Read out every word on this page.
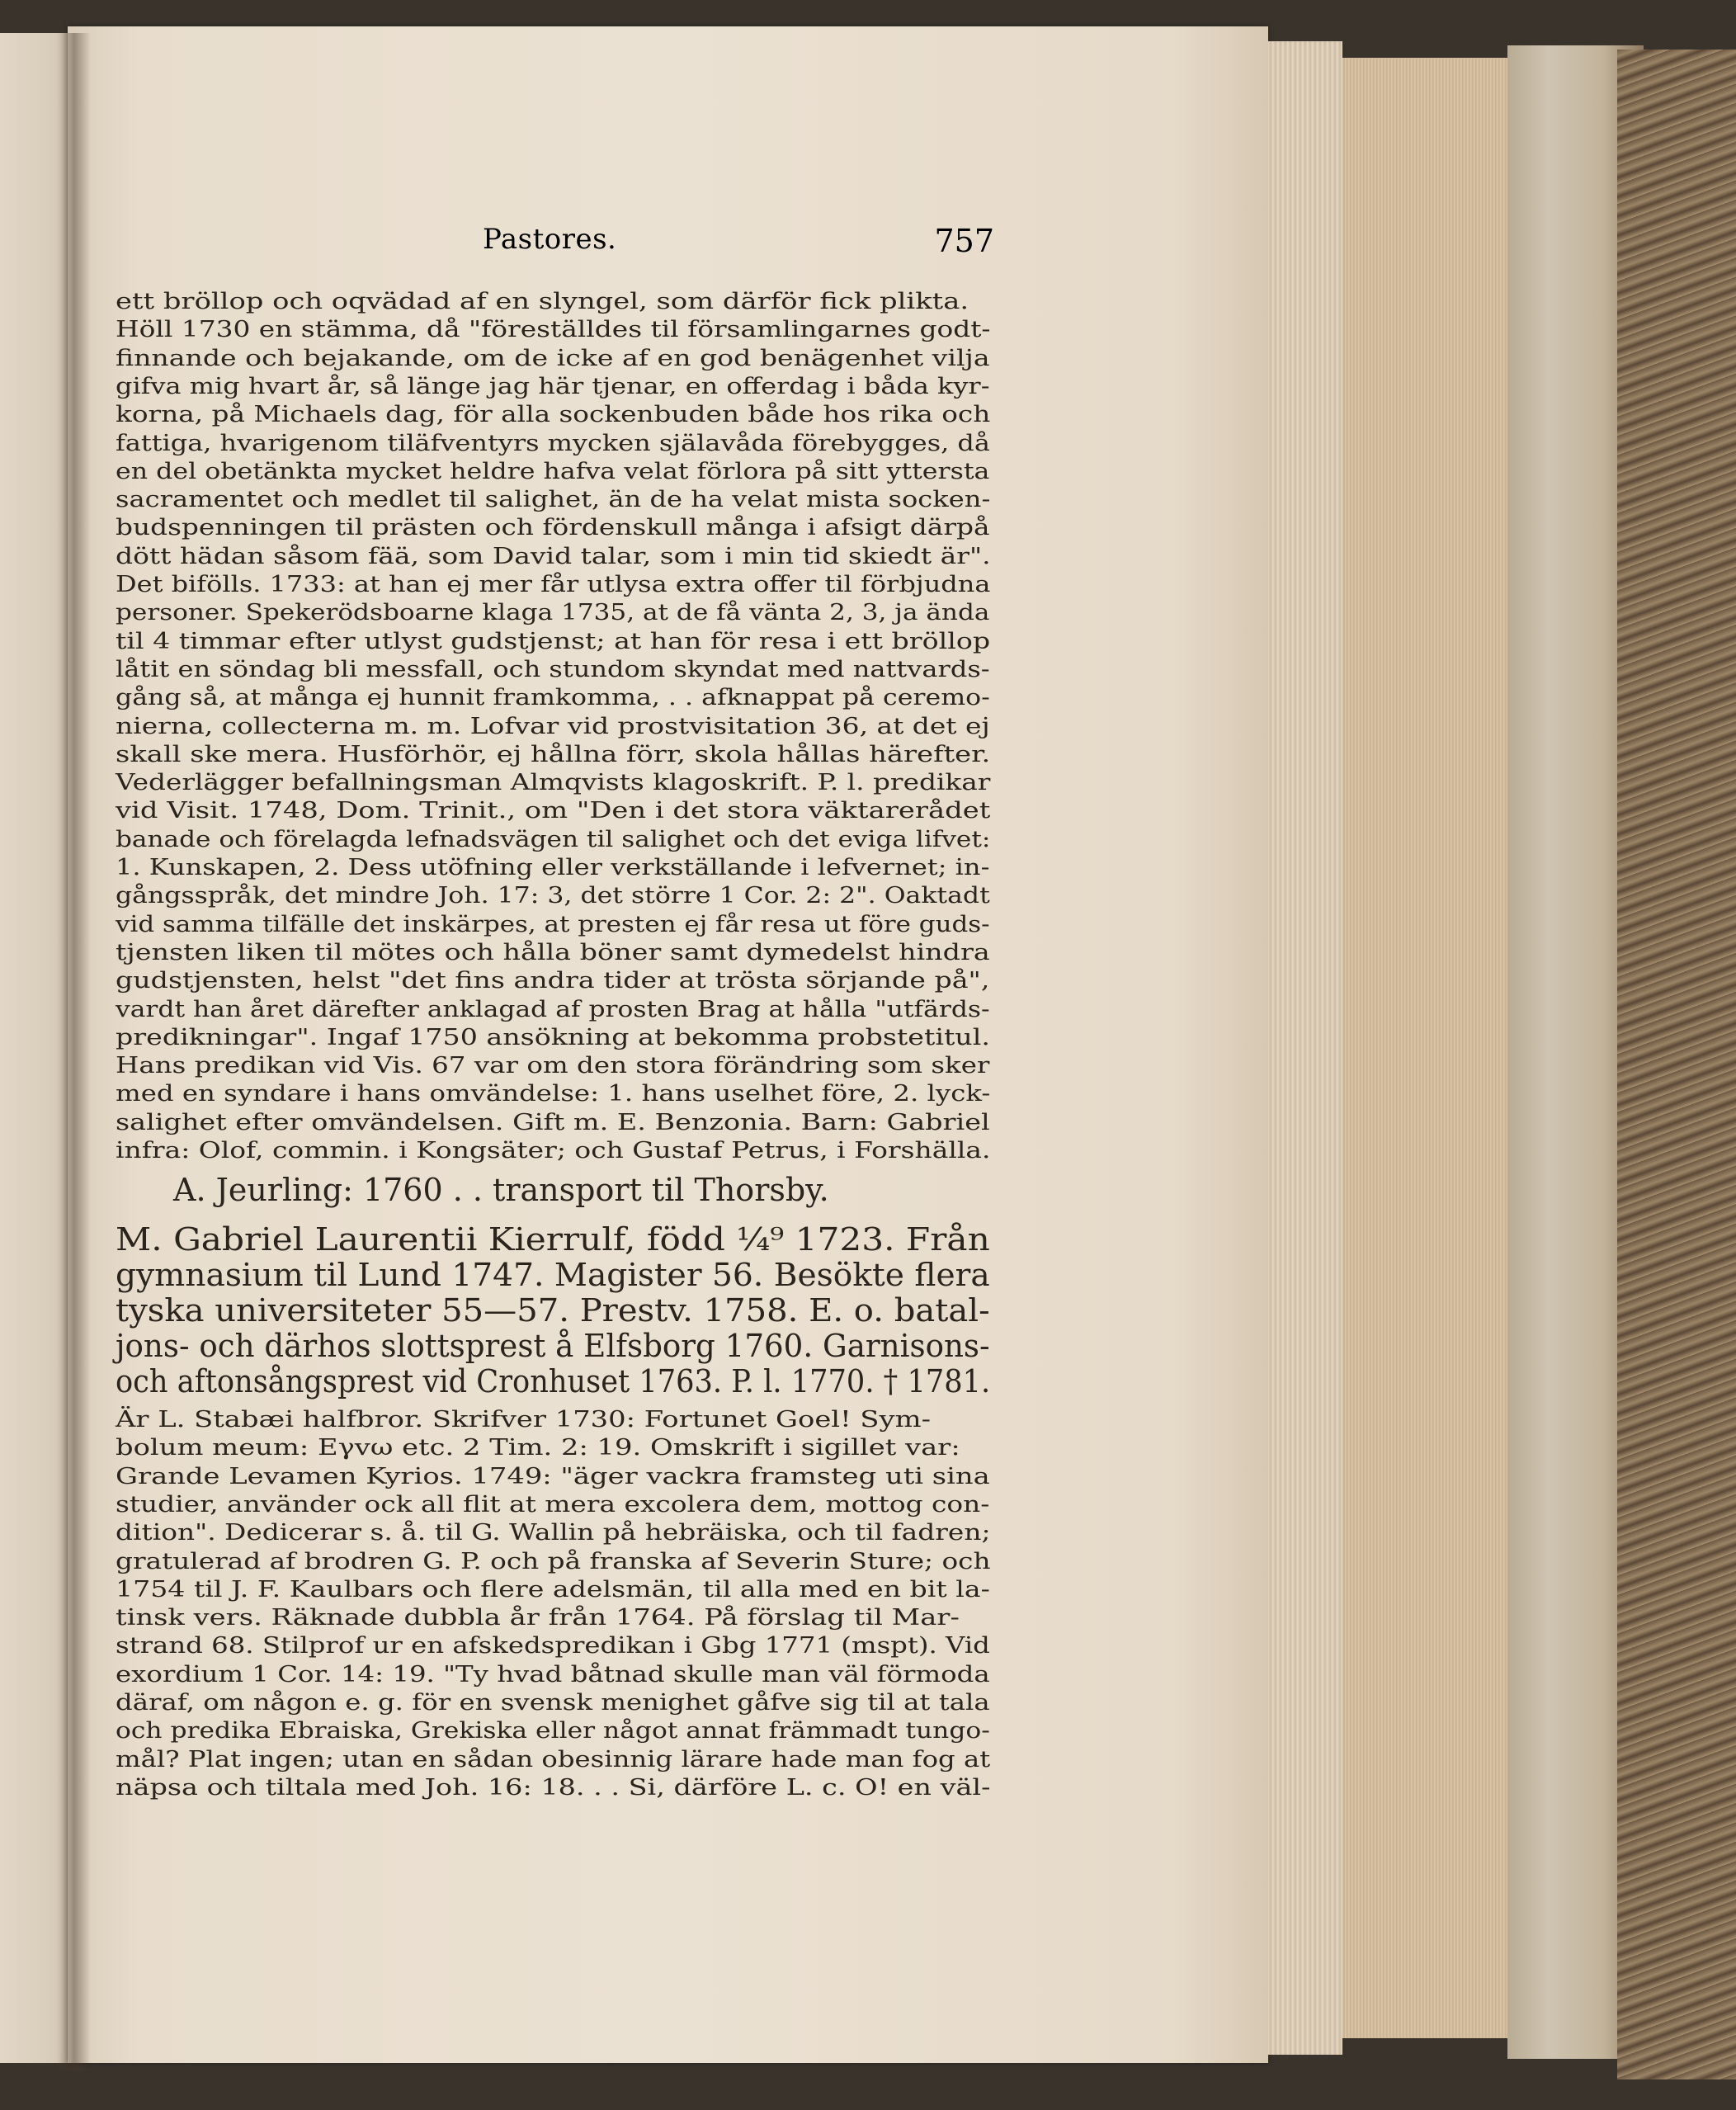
Pastores.	757
ett bröllop och oqvädad af en slyngel, som därför fick plikta.
Höll 1730 en stämma, då "föreställdes til församlingarnes godt-
finnande och bejakande, om de icke af en god benägenhet vilja
gifva mig hvart år, så länge jag här tjenar, en offerdag i båda kyr-
korna, på Michaels dag, för alla sockenbuden både hos rika och
fattiga, hvarigenom tiläfventyrs mycken själavåda förebygges, då
en del obetänkta mycket heldre hafva velat förlora på sitt yttersta
sacramentet och medlet til salighet, än de ha velat mista socken-
budspenningen til prästen och fördenskull många i afsigt därpå
dött hädan såsom fää, som David talar, som i min tid skiedt är".
Det bifölls. 1733: at han ej mer får utlysa extra offer til förbjudna
personer. Spekerödsboarne klaga 1735, at de få vänta 2, 3, ja ända
til 4 timmar efter utlyst gudstjenst; at han för resa i ett bröllop
låtit en söndag bli messfall, och stundom skyndat med nattvards-
gång så, at många ej hunnit framkomma, . . afknappat på ceremo-
nierna, collecterna m. m. Lofvar vid prostvisitation 36, at det ej
skall ske mera. Husförhör, ej hållna förr, skola hållas härefter.
Vederlägger befallningsman Almqvists klagoskrift. P. l. predikar
vid Visit. 1748, Dom. Trinit., om "Den i det stora väktarerådet
banade och förelagda lefnadsvägen til salighet och det eviga lifvet:
1. Kunskapen, 2. Dess utöfning eller verkställande i lefvernet; in-
gångsspråk, det mindre Joh. 17: 3, det större 1 Cor. 2: 2". Oaktadt
vid samma tilfälle det inskärpes, at presten ej får resa ut före guds-
tjensten liken til mötes och hålla böner samt dymedelst hindra
gudstjensten, helst "det fins andra tider at trösta sörjande på",
vardt han året därefter anklagad af prosten Brag at hålla "utfärds-
predikningar". Ingaf 1750 ansökning at bekomma probstetitul.
Hans predikan vid Vis. 67 var om den stora förändring som sker
med en syndare i hans omvändelse: 1. hans uselhet före, 2. lyck-
salighet efter omvändelsen. Gift m. E. Benzonia. Barn: Gabriel
infra: Olof, commin. i Kongsäter; och Gustaf Petrus, i Forshälla.
A. Jeurling: 1760 . . transport til Thorsby.
M. Gabriel Laurentii Kierrulf, född ¼⁹ 1723. Från
gymnasium til Lund 1747. Magister 56. Besökte flera
tyska universiteter 55—57. Prestv. 1758. E. o. batal-
jons- och därhos slottsprest å Elfsborg 1760. Garnisons-
och aftonsångsprest vid Cronhuset 1763. P. l. 1770. † 1781.
Är L. Stabæi halfbror. Skrifver 1730: Fortunet Goel! Sym-
bolum meum: Eγvω etc. 2 Tim. 2: 19. Omskrift i sigillet var:
Grande Levamen Kyrios. 1749: "äger vackra framsteg uti sina
studier, använder ock all flit at mera excolera dem, mottog con-
dition". Dedicerar s. å. til G. Wallin på hebräiska, och til fadren;
gratulerad af brodren G. P. och på franska af Severin Sture; och
1754 til J. F. Kaulbars och flere adelsmän, til alla med en bit la-
tinsk vers. Räknade dubbla år från 1764. På förslag til Mar-
strand 68. Stilprof ur en afskedspredikan i Gbg 1771 (mspt). Vid
exordium 1 Cor. 14: 19. "Ty hvad båtnad skulle man väl förmoda
däraf, om någon e. g. för en svensk menighet gåfve sig til at tala
och predika Ebraiska, Grekiska eller något annat främmadt tungo-
mål? Plat ingen; utan en sådan obesinnig lärare hade man fog at
näpsa och tiltala med Joh. 16: 18. . . Si, därföre L. c. O! en väl-
